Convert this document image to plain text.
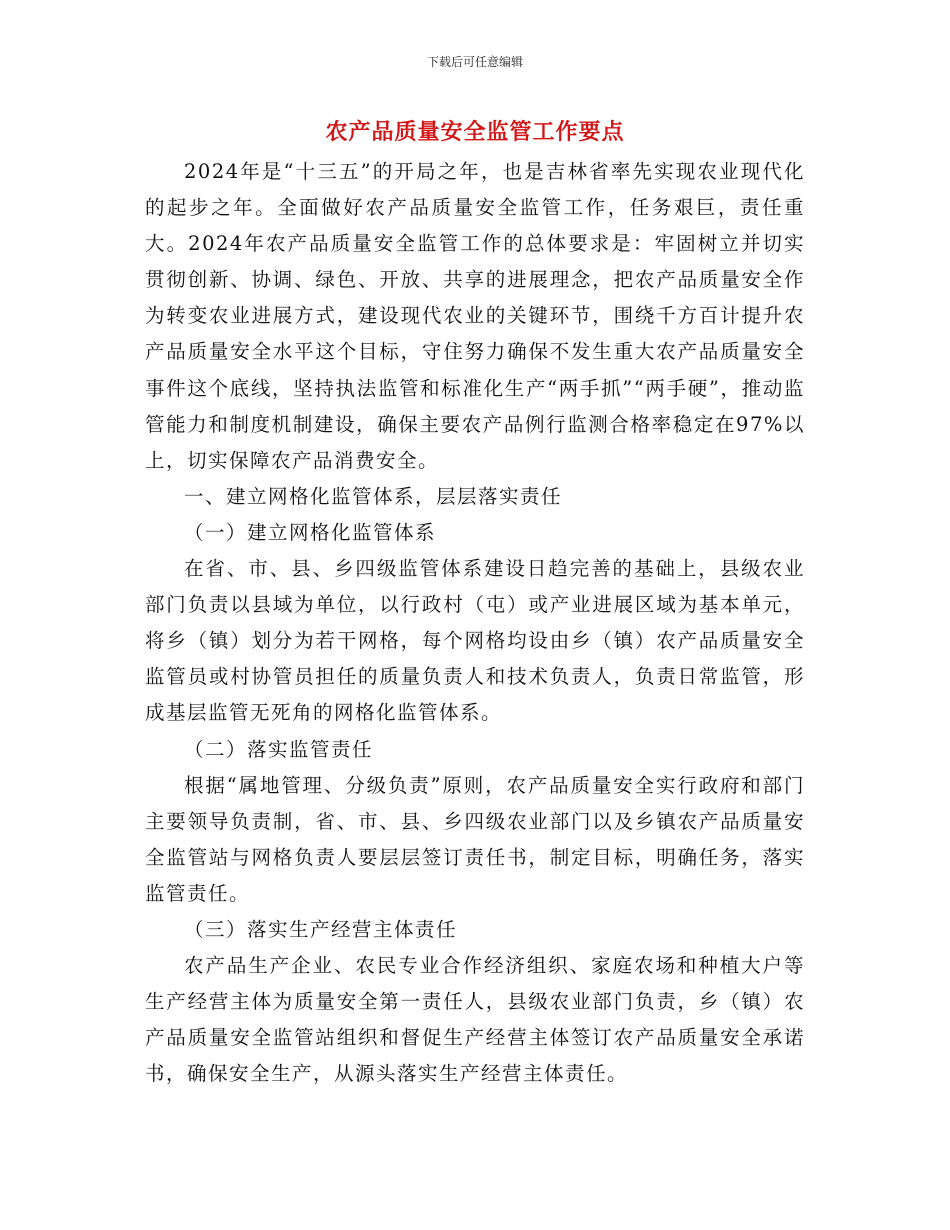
下载后可任意编辑
农产品质量安全监管工作要点

2024年是“十三五”的开局之年，也是吉林省率先实现农业现代化的起步之年。全面做好农产品质量安全监管工作，任务艰巨，责任重大。2024年农产品质量安全监管工作的总体要求是：牢固树立并切实贯彻创新、协调、绿色、开放、共享的进展理念，把农产品质量安全作为转变农业进展方式，建设现代农业的关键环节，围绕千方百计提升农产品质量安全水平这个目标，守住努力确保不发生重大农产品质量安全事件这个底线，坚持执法监管和标准化生产“两手抓”“两手硬”，推动监管能力和制度机制建设，确保主要农产品例行监测合格率稳定在97%以上，切实保障农产品消费安全。

一、建立网格化监管体系，层层落实责任

（一）建立网格化监管体系

在省、市、县、乡四级监管体系建设日趋完善的基础上，县级农业部门负责以县域为单位，以行政村（屯）或产业进展区域为基本单元，将乡（镇）划分为若干网格，每个网格均设由乡（镇）农产品质量安全监管员或村协管员担任的质量负责人和技术负责人，负责日常监管，形成基层监管无死角的网格化监管体系。

（二）落实监管责任

根据“属地管理、分级负责”原则，农产品质量安全实行政府和部门主要领导负责制，省、市、县、乡四级农业部门以及乡镇农产品质量安全监管站与网格负责人要层层签订责任书，制定目标，明确任务，落实监管责任。

（三）落实生产经营主体责任

农产品生产企业、农民专业合作经济组织、家庭农场和种植大户等生产经营主体为质量安全第一责任人，县级农业部门负责，乡（镇）农产品质量安全监管站组织和督促生产经营主体签订农产品质量安全承诺书，确保安全生产，从源头落实生产经营主体责任。
